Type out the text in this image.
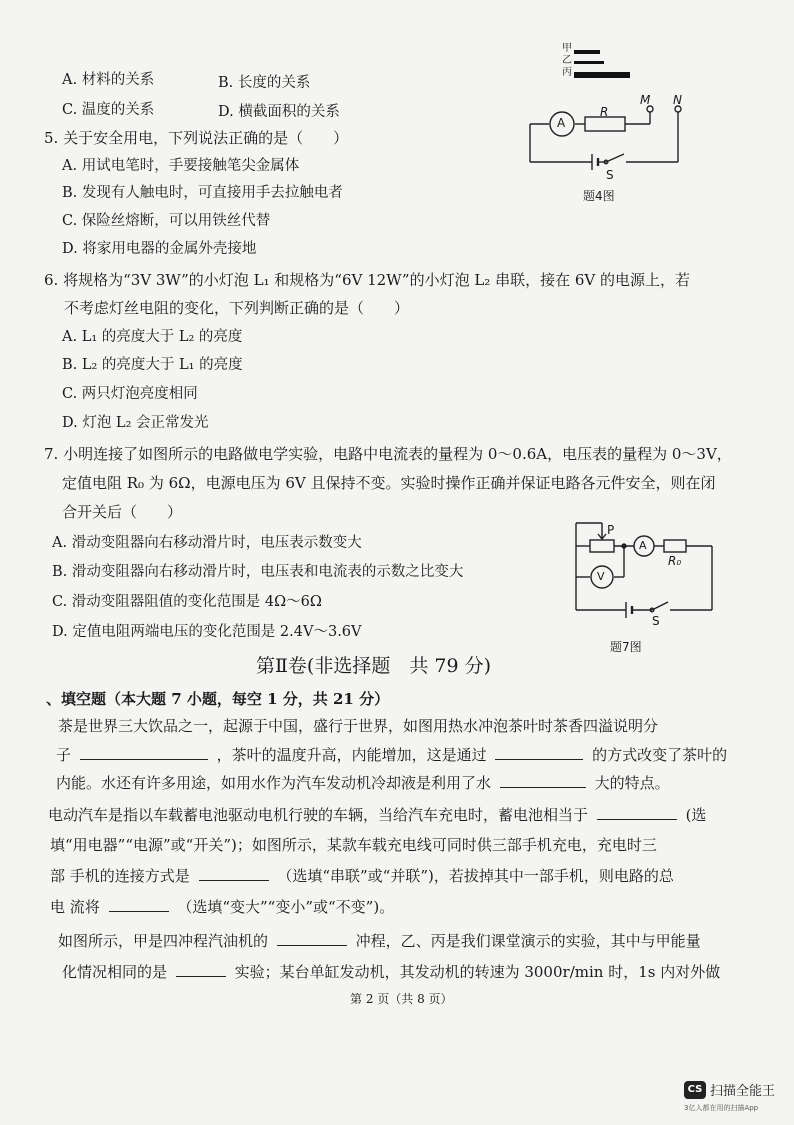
A. 材料的关系	B. 长度的关系
C. 温度的关系	D. 横截面积的关系
甲
乙
丙
A
R
M N
S
题4图
5. 关于安全用电，下列说法正确的是（　　）
A. 用试电笔时，手要接触笔尖金属体
B. 发现有人触电时，可直接用手去拉触电者
C. 保险丝熔断，可以用铁丝代替
D. 将家用电器的金属外壳接地
6. 将规格为“3V 3W”的小灯泡 L₁ 和规格为“6V 12W”的小灯泡 L₂ 串联，接在 6V 的电源上，若
不考虑灯丝电阻的变化，下列判断正确的是（　　）
A. L₁ 的亮度大于 L₂ 的亮度
B. L₂ 的亮度大于 L₁ 的亮度
C. 两只灯泡亮度相同
D. 灯泡 L₂ 会正常发光
7. 小明连接了如图所示的电路做电学实验，电路中电流表的量程为 0～0.6A，电压表的量程为 0～3V，
定值电阻 R₀ 为 6Ω，电源电压为 6V 且保持不变。实验时操作正确并保证电路各元件安全，则在闭
合开关后（　　）
A. 滑动变阻器向右移动滑片时，电压表示数变大
B. 滑动变阻器向右移动滑片时，电压表和电流表的示数之比变大
C. 滑动变阻器阻值的变化范围是 4Ω～6Ω
D. 定值电阻两端电压的变化范围是 2.4V～3.6V
P
A
V
R₀
S
题7图
第Ⅱ卷(非选择题　共 79 分)
、填空题（本大题 7 小题，每空 1 分，共 21 分）
茶是世界三大饮品之一，起源于中国，盛行于世界，如图用热水冲泡茶叶时茶香四溢说明分
子	，茶叶的温度升高，内能增加，这是通过	的方式改变了茶叶的
内能。水还有许多用途，如用水作为汽车发动机冷却液是利用了水	大的特点。
电动汽车是指以车载蓄电池驱动电机行驶的车辆，当给汽车充电时，蓄电池相当于	(选
填“用电器”“电源”或“开关”)；如图所示，某款车载充电线可同时供三部手机充电，充电时三
部 手机的连接方式是	（选填“串联”或“并联”)，若拔掉其中一部手机，则电路的总
电 流将	（选填“变大”“变小”或“不变”)。
如图所示，甲是四冲程汽油机的	冲程，乙、丙是我们课堂演示的实验，其中与甲能量
化情况相同的是	实验；某台单缸发动机，其发动机的转速为 3000r/min 时，1s 内对外做
第 2 页（共 8 页）
CS 扫描全能王
3亿人都在用的扫描App
